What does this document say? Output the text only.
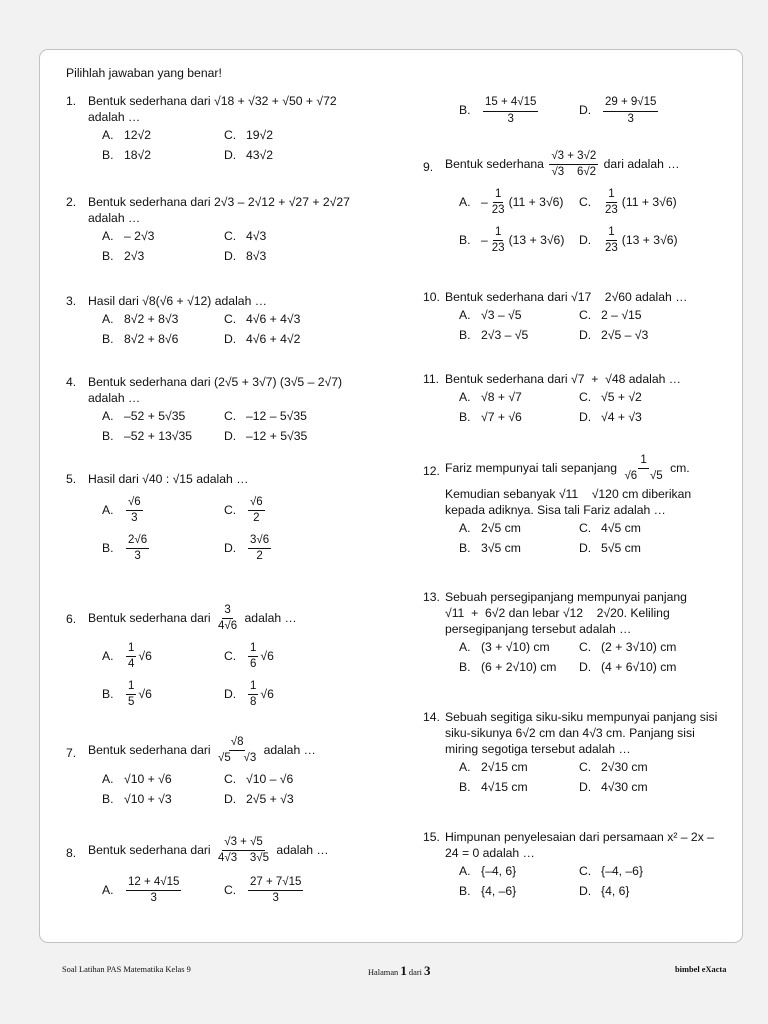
Pilihlah jawaban yang benar!
1. Bentuk sederhana dari √18 + √32 + √50 + √72
adalah …
A. 12√2	C. 19√2
B. 18√2	D. 43√2
2. Bentuk sederhana dari 2√3 – 2√12 + √27 + 2√27
adalah …
A. – 2√3	C. 4√3
B. 2√3	D. 8√3
3. Hasil dari √8(√6 + √12) adalah …
A. 8√2 + 8√3	C. 4√6 + 4√3
B. 8√2 + 8√6	D. 4√6 + 4√2
4. Bentuk sederhana dari (2√5 + 3√7) (3√5 – 2√7)
adalah …
A. –52 + 5√35	C. –12 – 5√35
B. –52 + 13√35	D. –12 + 5√35
5. Hasil dari √40 : √15 adalah …
A.	$\frac{√6}{3}$	C.	$\frac{√6}{2}$
B.	$\frac{2√6}{3}$	D.	$\frac{3√6}{2}$
6. Bentuk sederhana dari
$\frac{3}{4√6}$
adalah …
A.	$\frac{1}{4} √6$	C.	$\frac{1}{6} √6$
B.	$\frac{1}{5} √6$	D.	$\frac{1}{8} √6$
7. Bentuk sederhana dari
$\frac{√8}{√5 √3}$
adalah …
A. √10 + √6	C. √10 – √6
B. √10 + √3	D. 2√5 + √3
8. Bentuk sederhana dari
$\frac{√3 + √5}{4√3 3√5}$
adalah …
A.	$\frac{12 + 4√15}{3}$	C.	$\frac{27 + 7√15}{3}$
B.	$\frac{15 + 4√15}{3}$	D.	$\frac{29 + 9√15}{3}$
9. Bentuk sederhana
$\frac{√3 + 3√2}{√3 6√2}$
dari adalah …
A. – $\frac{1}{23} (11 + 3√6)$ C.	$\frac{1}{23} (11 + 3√6)$
B. – $\frac{1}{23} (13 + 3√6)$ D.	$\frac{1}{23} (13 + 3√6)$
10. Bentuk sederhana dari √17    2√60 adalah …
A. √3 – √5	C. 2 – √15
B. 2√3 – √5	D. 2√5 – √3
11. Bentuk sederhana dari √7  +  √48 adalah …
A. √8 + √7	C. √5 + √2
B. √7 + √6	D. √4 + √3
12. Fariz mempunyai tali sepanjang
$\frac{1}{√6 √5}$
cm.
Kemudian sebanyak √11    √120 cm diberikan
kepada adiknya. Sisa tali Fariz adalah …
A. 2√5 cm	C. 4√5 cm
B. 3√5 cm	D. 5√5 cm
13. Sebuah persegipanjang mempunyai panjang
√11  +  6√2 dan lebar √12    2√20. Keliling
persegipanjang tersebut adalah …
A. (3 + √10) cm C. (2 + 3√10) cm
B. (6 + 2√10) cm D. (4 + 6√10) cm
14. Sebuah segitiga siku-siku mempunyai panjang sisi
siku-sikunya 6√2 cm dan 4√3 cm. Panjang sisi
miring segotiga tersebut adalah …
A. 2√15 cm	C. 2√30 cm
B. 4√15 cm	D. 4√30 cm
15. Himpunan penyelesaian dari persamaan x² – 2x –
24 = 0 adalah …
A. {–4, 6}	C. {–4, –6}
B. {4, –6}	D. {4, 6}
Soal Latihan PAS Matematika Kelas 9	Halaman 1 dari 3	bimbel eXacta
